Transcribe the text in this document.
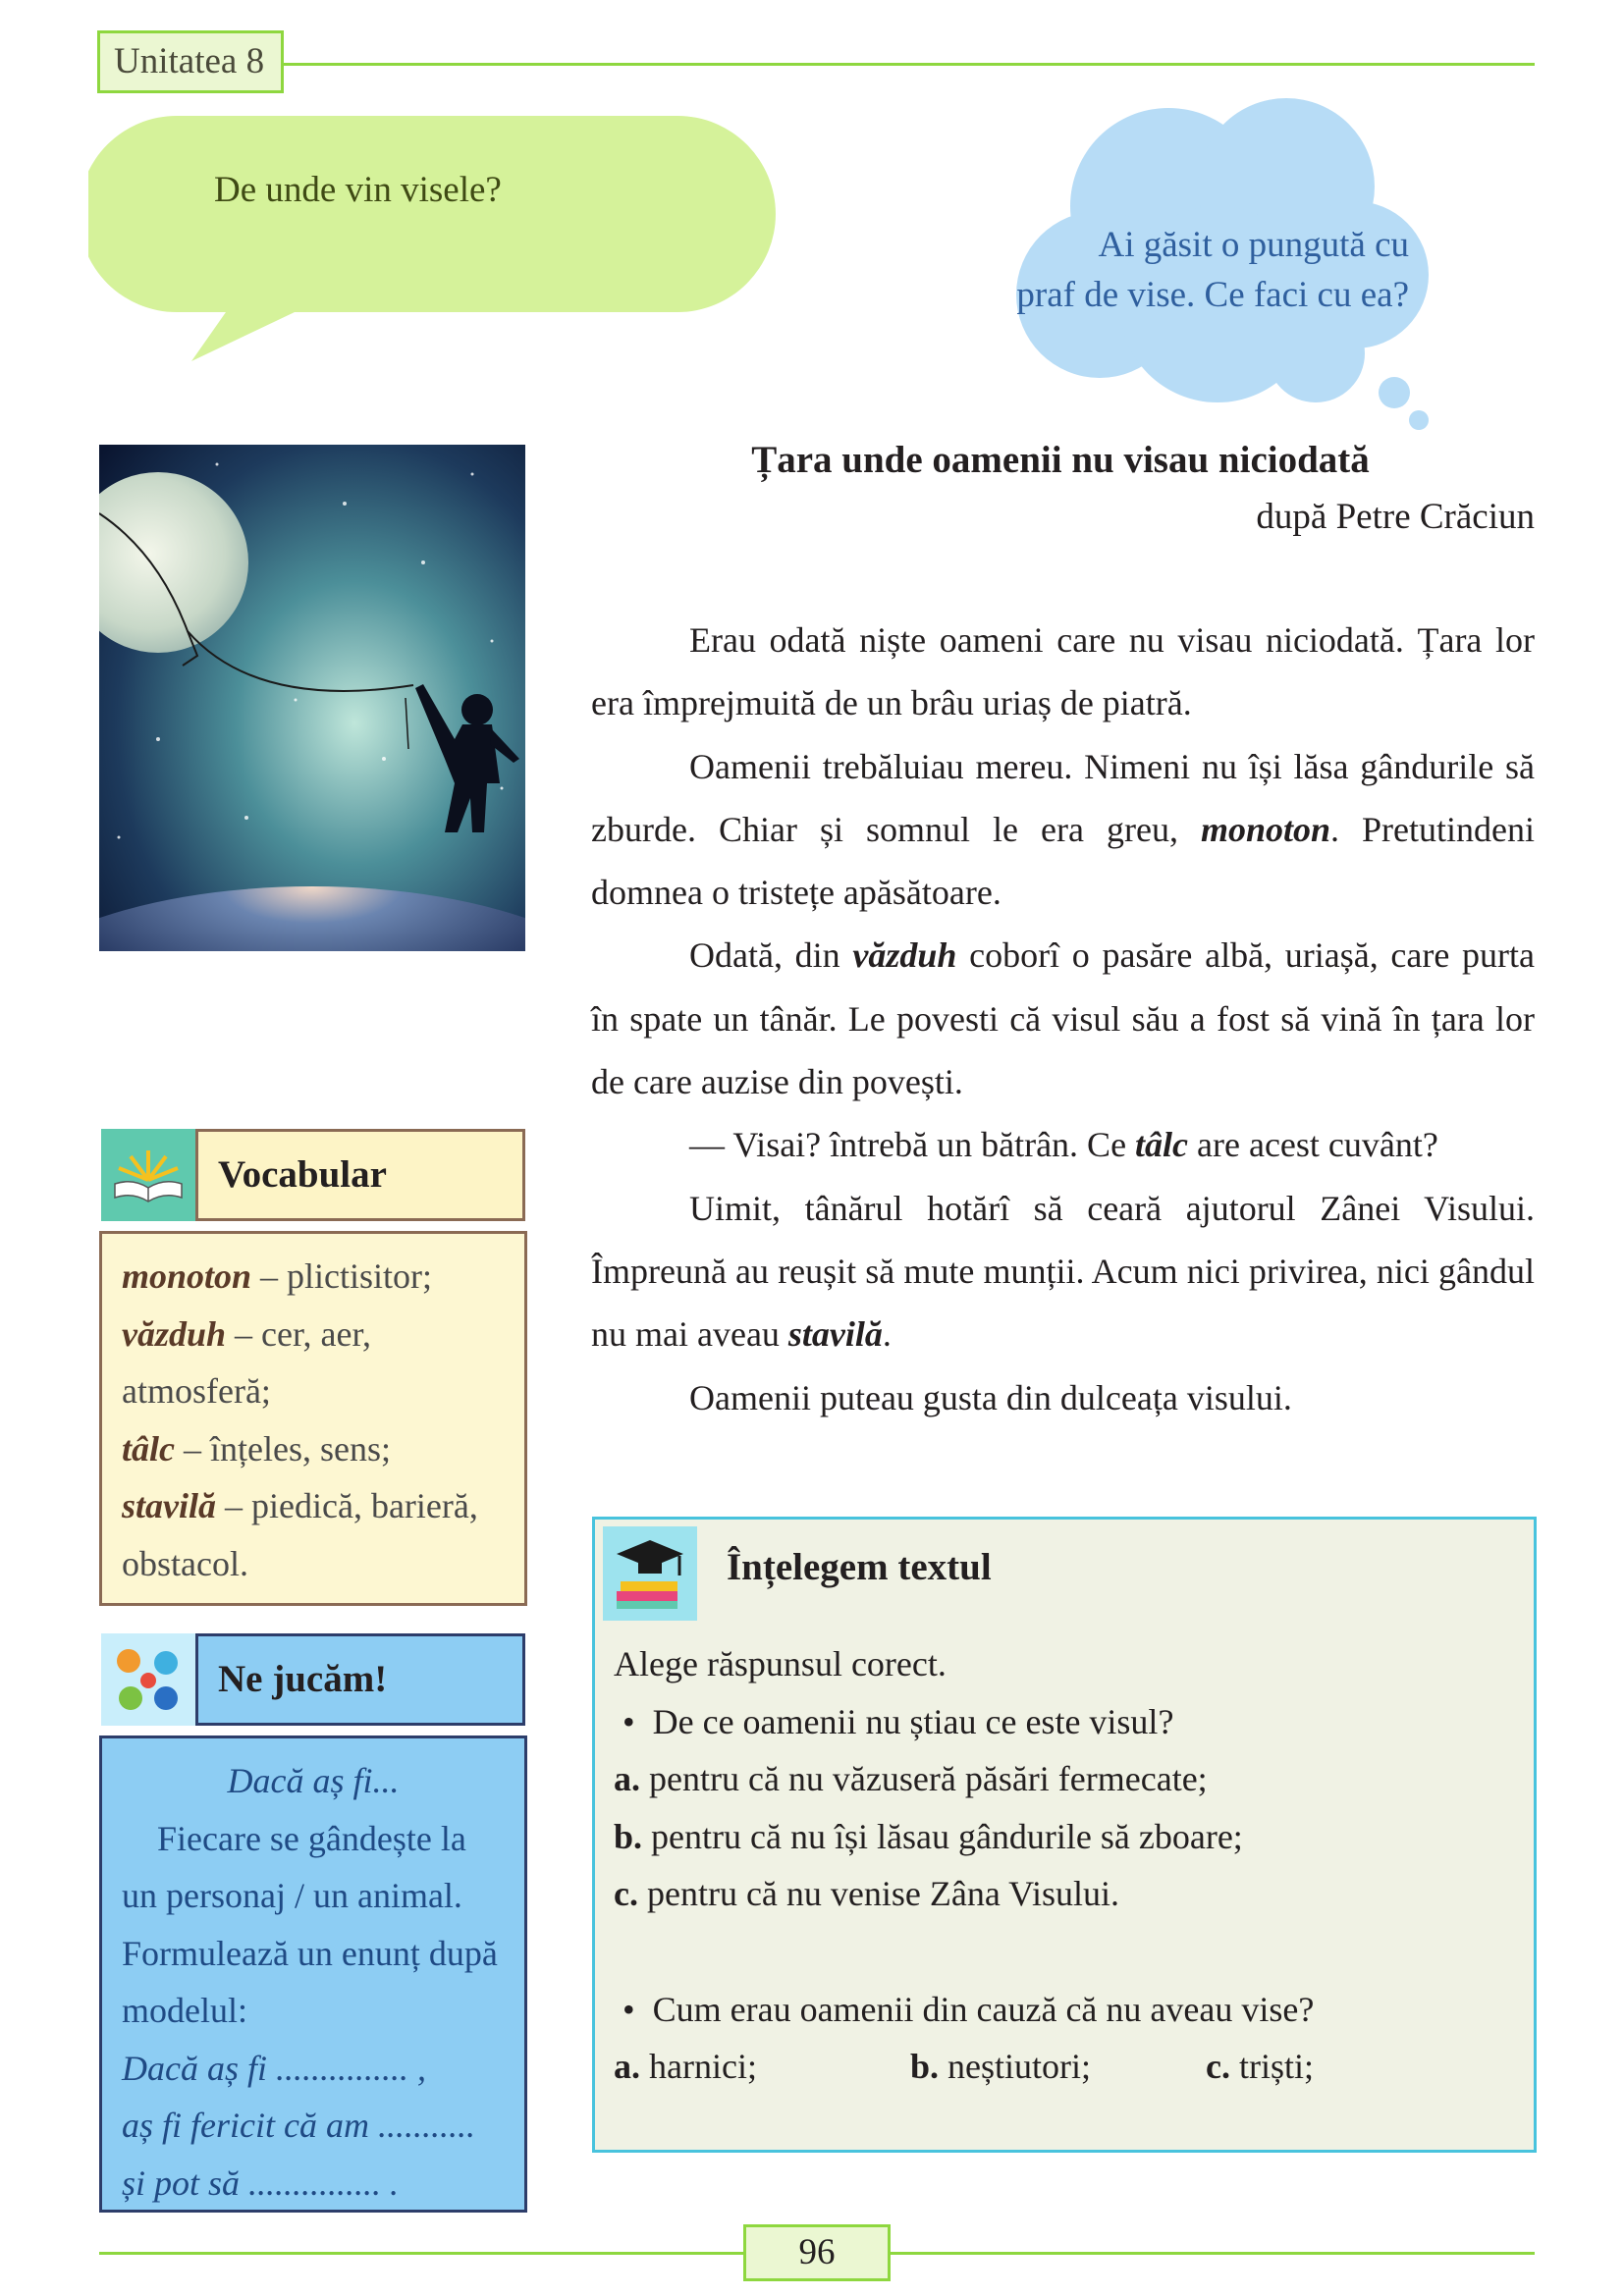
Unitatea 8
De unde vin visele?
Ai găsit o pungută cu
praf de vise. Ce faci cu ea?
Țara unde oamenii nu visau niciodată
după Petre Crăciun

Erau odată niște oameni care nu visau niciodată. Țara lor era împrejmuită de un brâu uriaș de piatră.

Oamenii trebăluiau mereu. Nimeni nu își lăsa gândurile să zburde. Chiar și somnul le era greu, monoton. Pretutindeni domnea o tristețe apăsătoare.

Odată, din văzduh coborî o pasăre albă, uriașă, care purta în spate un tânăr. Le povesti că visul său a fost să vină în țara lor de care auzise din povești.

— Visai? întrebă un bătrân. Ce tâlc are acest cuvânt?

Uimit, tânărul hotărî să ceară ajutorul Zânei Visului. Împreună au reușit să mute munții. Acum nici privirea, nici gândul nu mai aveau stavilă.

Oamenii puteau gusta din dulceața visului.

Vocabular
monoton – plictisitor;
văzduh – cer, aer, atmosferă;
tâlc – înțeles, sens;
stavilă – piedică, barieră, obstacol.
Ne jucăm!
Dacă aș fi...
Fiecare se gândește la un personaj / un animal. Formulează un enunț după modelul:
Dacă aș fi ............... ,
aș fi fericit că am ...........
și pot să ............... .
Înțelegem textul
Alege răspunsul corect.
•  De ce oamenii nu știau ce este visul?
a. pentru că nu văzuseră păsări fermecate;
b. pentru că nu își lăsau gândurile să zboare;
c. pentru că nu venise Zâna Visului.
•  Cum erau oamenii din cauză că nu aveau vise?
a. harnici;	b. neștiutori;	c. triști;
96
